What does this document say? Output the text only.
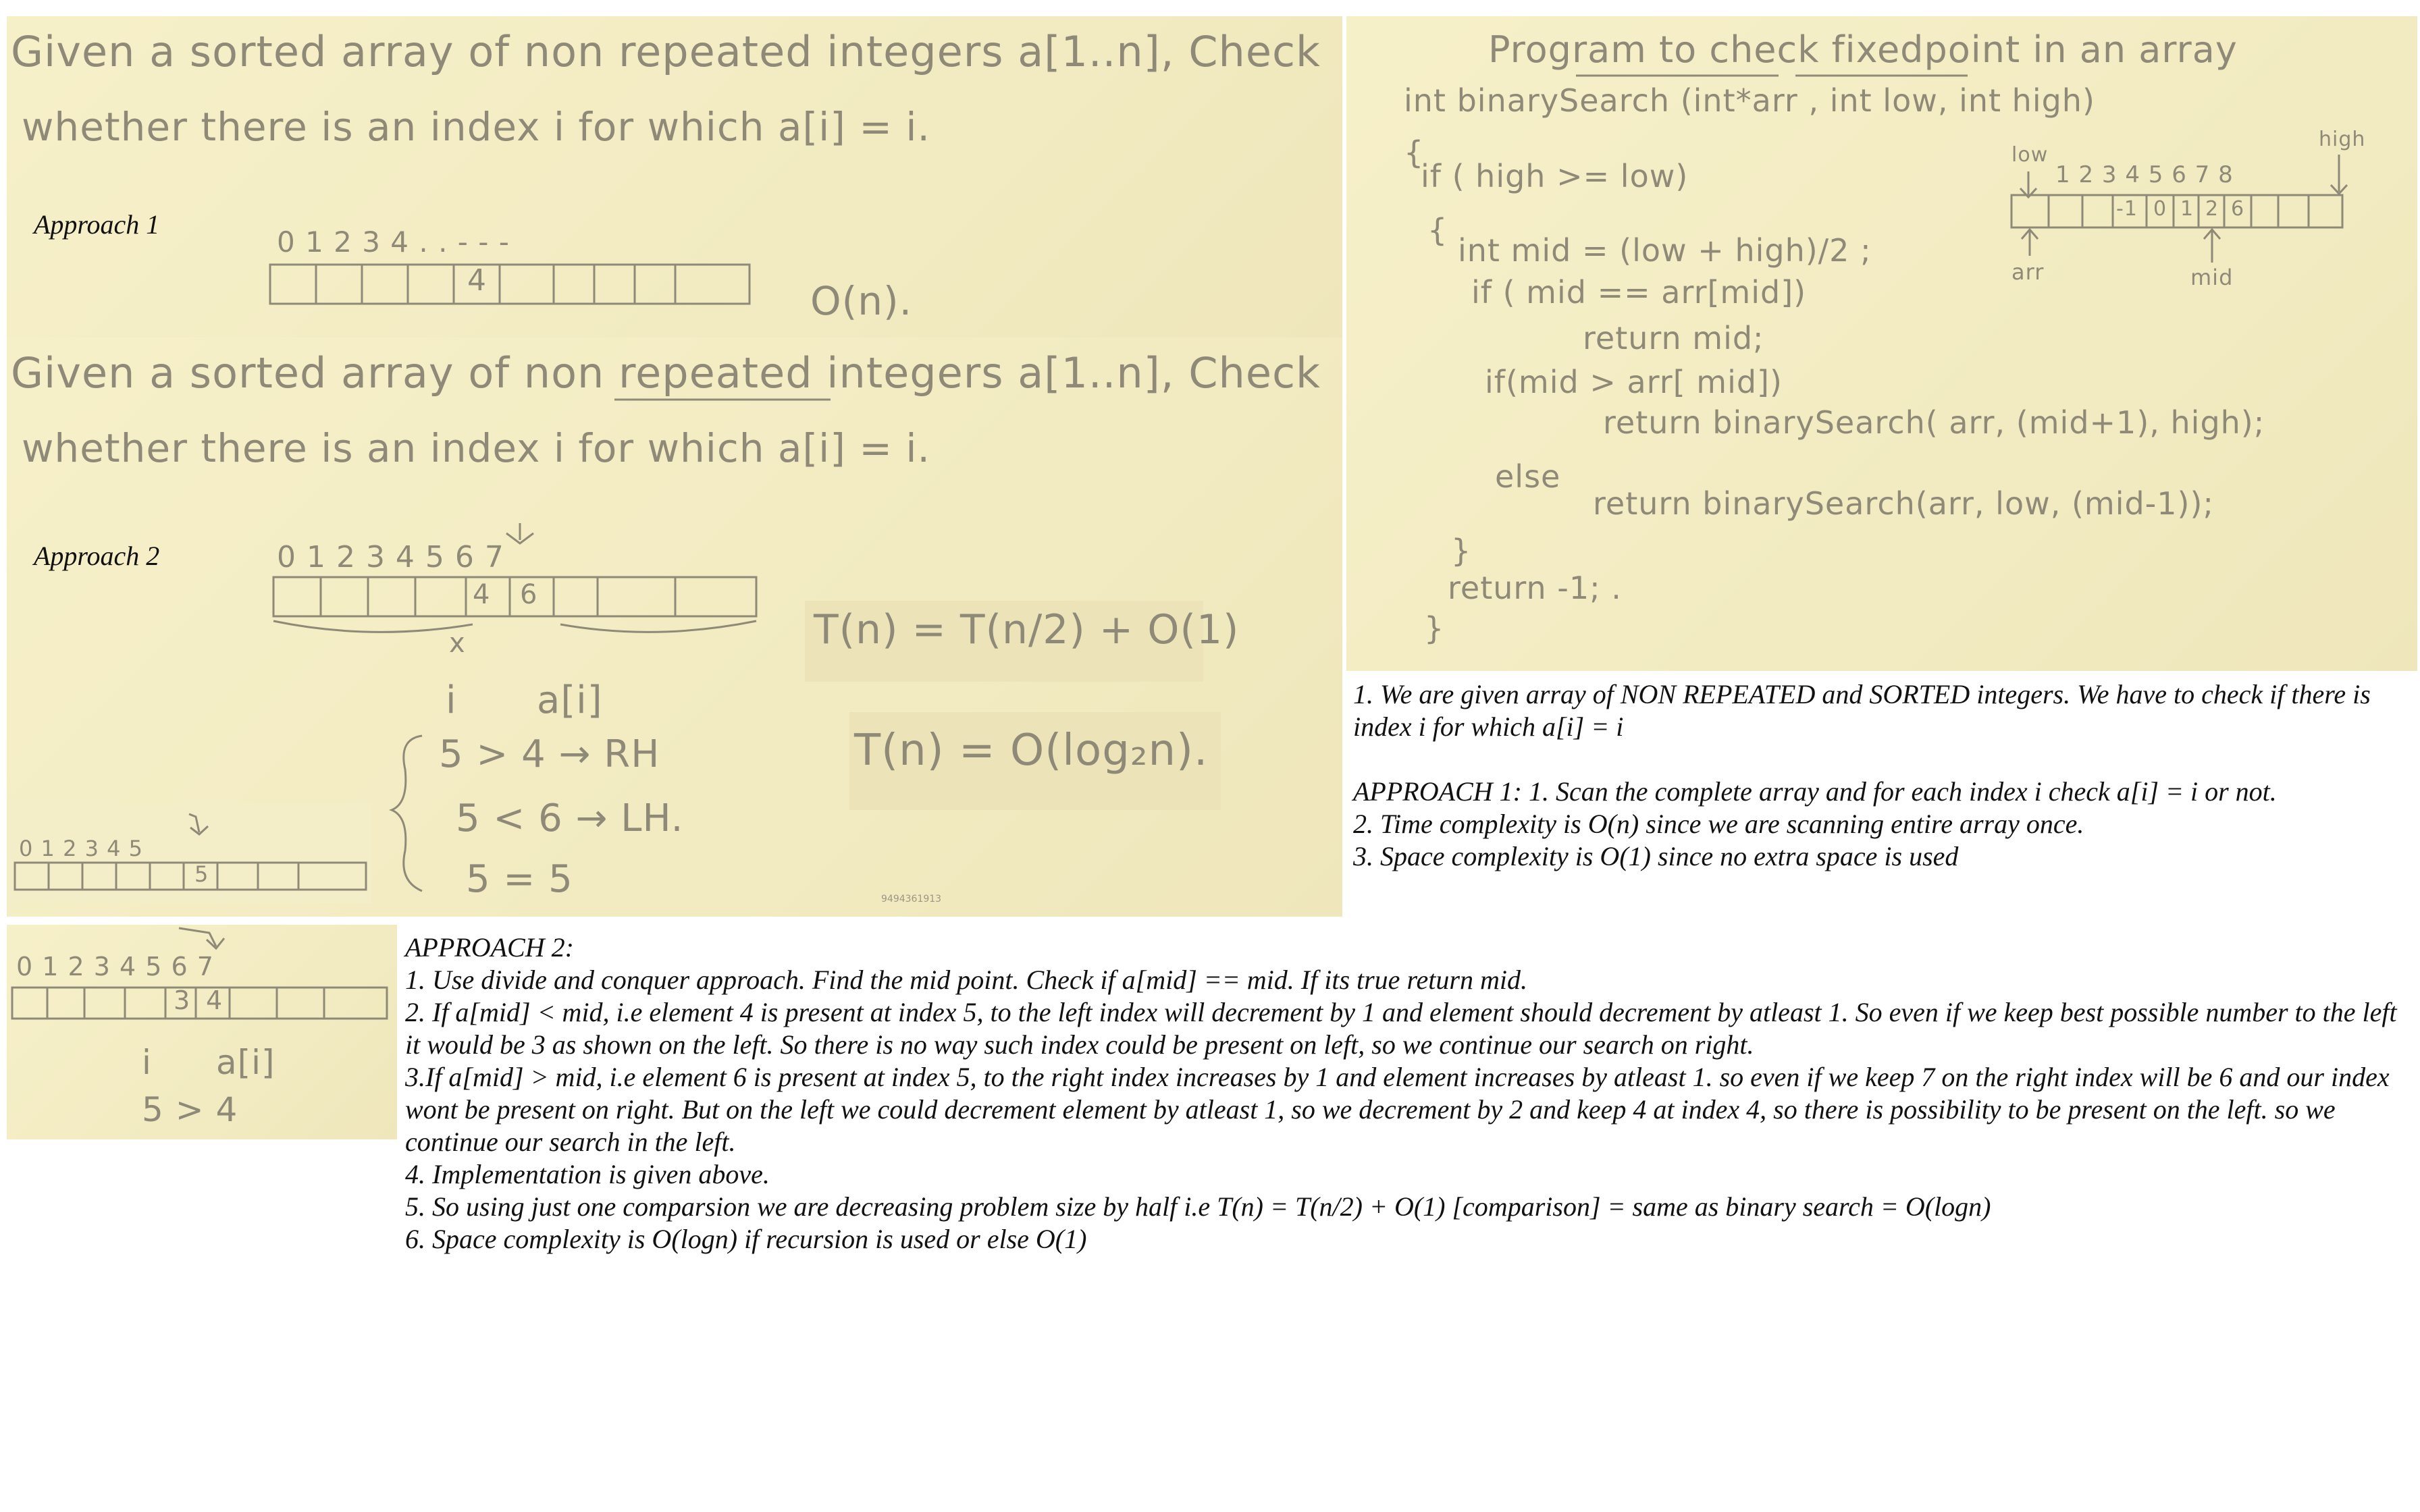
Given a sorted array of non repeated integers a[1..n], Check
whether there is an index i for which a[i] = i.
Approach 1
0 1 2 3 4 . . - - -
4	O(n).
Given a sorted array of non repeated integers a[1..n], Check
whether there is an index i for which a[i] = i.
Approach 2	0 1 2 3 4 5 6 7
4 6
x
i a[i]
5 > 4 → RH
5 < 6 → LH.
5 = 5
T(n) = T(n/2) + O(1)
T(n) = O(log₂n).
9494361913
0 1 2 3 4 5
5
Program to check fixedpoint in an array
int binarySearch (int*arr , int low, int high)
{
if ( high >= low)
{
int mid = (low + high)/2 ;
if ( mid == arr[mid])
return mid;
if(mid > arr[ mid])
return binarySearch( arr, (mid+1), high);
else
return binarySearch(arr, low, (mid-1));
}
return -1; .
}
low
high
1 2 3 4 5 6 7 8
-1 0 1 2 6
arr	mid
0 1 2 3 4 5 6 7
3 4
i a[i]
5 > 4

1. We are given array of NON REPEATED and SORTED integers. We have to check if there is index i for which a[i] = i

APPROACH 1: 1. Scan the complete array and for each index i check a[i] = i or not.

2. Time complexity is O(n) since we are scanning entire array once.

3. Space complexity is O(1) since no extra space is used

APPROACH 2:

1. Use divide and conquer approach. Find the mid point. Check if a[mid] == mid. If its true return mid.

2. If a[mid] < mid, i.e element 4 is present at index 5, to the left index will decrement by 1 and element should decrement by atleast 1. So even if we keep best possible number to the left it would be 3 as shown on the left. So there is no way such index could be present on left, so we continue our search on right.

3.If a[mid] > mid, i.e element 6 is present at index 5, to the right index increases by 1 and element increases by atleast 1. so even if we keep 7 on the right index will be 6 and our index wont be present on right. But on the left we could decrement element by atleast 1, so we decrement by 2 and keep 4 at index 4, so there is possibility to be present on the left. so we continue our search in the left.

4. Implementation is given above.

5. So using just one comparsion we are decreasing problem size by half i.e T(n) = T(n/2) + O(1) [comparison] = same as binary search = O(logn)

6. Space complexity is O(logn) if recursion is used or else O(1)
